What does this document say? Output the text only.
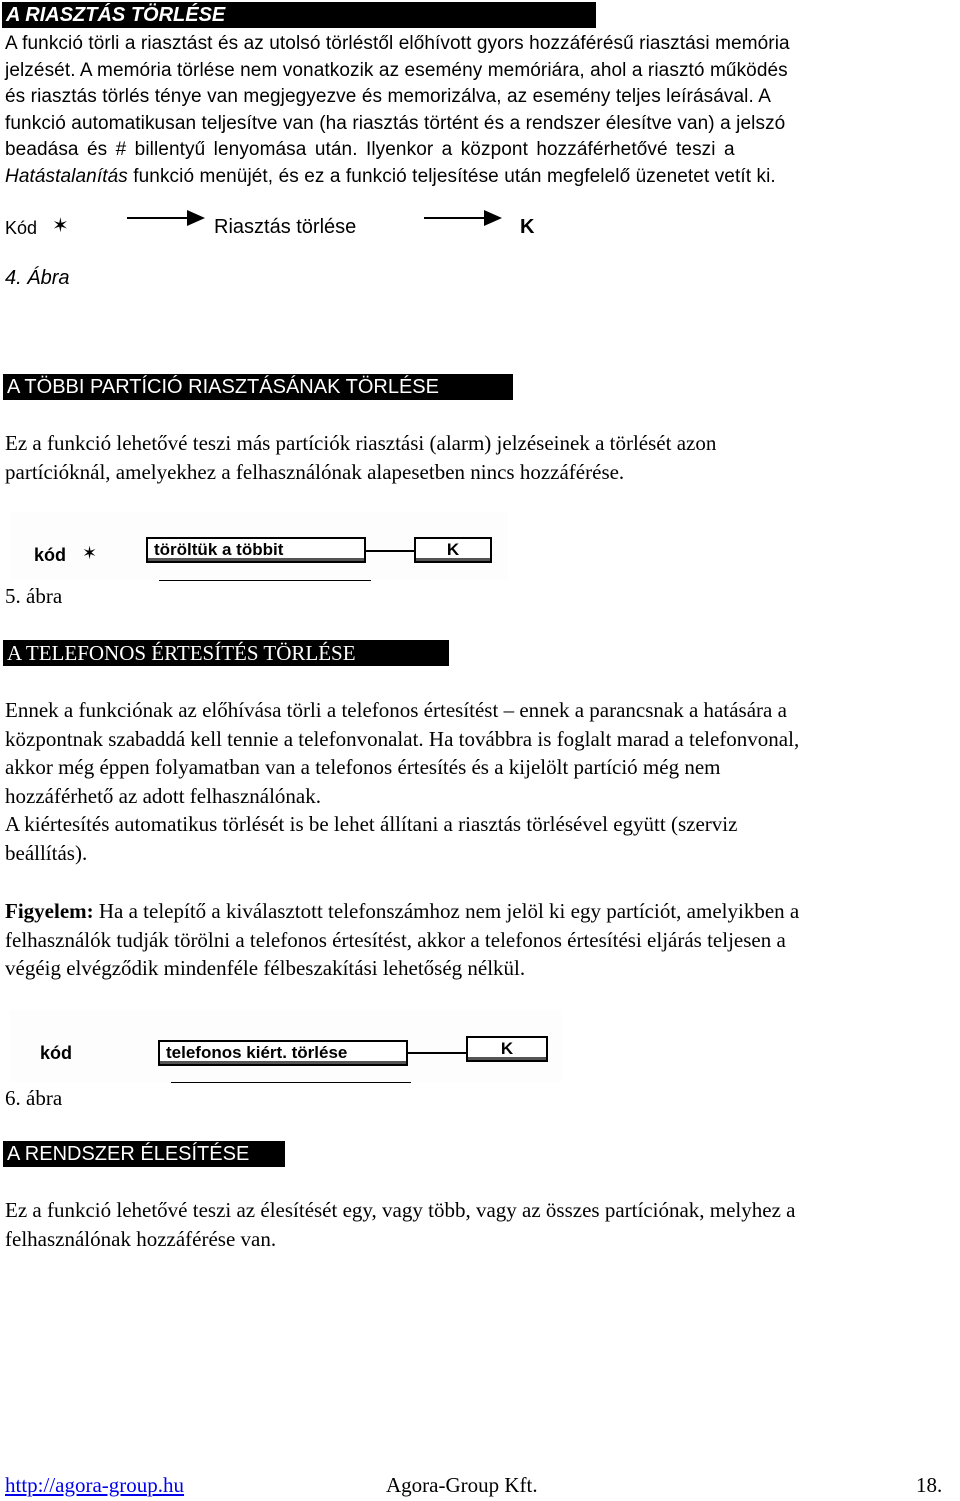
A RIASZTÁS TÖRLÉSE
A funkció törli a riasztást és az utolsó törléstől előhívott gyors hozzáférésű riasztási memória
jelzését. A memória törlése nem vonatkozik az esemény memóriára, ahol a riasztó működés
és riasztás törlés ténye van megjegyezve és memorizálva, az esemény teljes leírásával. A
funkció automatikusan teljesítve van (ha riasztás történt és a rendszer élesítve van) a jelszó
beadása és # billentyű lenyomása után. Ilyenkor a központ hozzáférhetővé teszi a
Hatástalanítás funkció menüjét, és ez a funkció teljesítése után megfelelő üzenetet vetít ki.
Kód ✶	Riasztás törlése	K
4. Ábra
A TÖBBI PARTÍCIÓ RIASZTÁSÁNAK TÖRLÉSE
Ez a funkció lehetővé teszi más partíciók riasztási (alarm) jelzéseinek a törlését azon
partícióknál, amelyekhez a felhasználónak alapesetben nincs hozzáférése.
kód ✶	töröltük a többit	K
5. ábra
A TELEFONOS ÉRTESÍTÉS TÖRLÉSE
Ennek a funkciónak az előhívása törli a telefonos értesítést – ennek a parancsnak a hatására a
központnak szabaddá kell tennie a telefonvonalat. Ha továbbra is foglalt marad a telefonvonal,
akkor még éppen folyamatban van a telefonos értesítés és a kijelölt partíció még nem
hozzáférhető az adott felhasználónak.
A kiértesítés automatikus törlését is be lehet állítani a riasztás törlésével együtt (szerviz
beállítás).
Figyelem: Ha a telepítő a kiválasztott telefonszámhoz nem jelöl ki egy partíciót, amelyikben a
felhasználók tudják törölni a telefonos értesítést, akkor a telefonos értesítési eljárás teljesen a
végéig elvégződik mindenféle félbeszakítási lehetőség nélkül.
kód	telefonos kiért. törlése	K
6. ábra
A RENDSZER ÉLESÍTÉSE
Ez a funkció lehetővé teszi az élesítését egy, vagy több, vagy az összes partíciónak, melyhez a
felhasználónak hozzáférése van.
http://agora-group.hu	Agora-Group Kft.	18.
